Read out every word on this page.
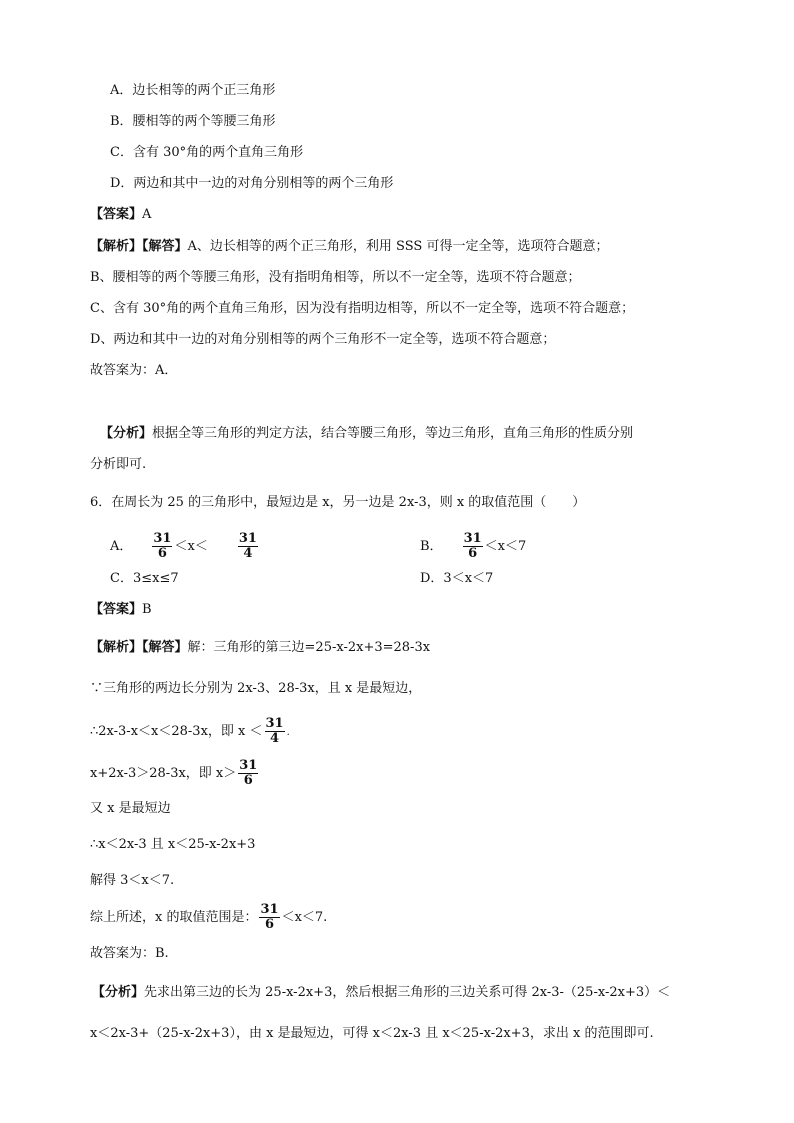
A．边长相等的两个正三角形
B．腰相等的两个等腰三角形
C．含有 30°角的两个直角三角形
D．两边和其中一边的对角分别相等的两个三角形
【答案】A
【解析】【解答】A、边长相等的两个正三角形，利用 SSS 可得一定全等，选项符合题意；
B、腰相等的两个等腰三角形，没有指明角相等，所以不一定全等，选项不符合题意；
C、含有 30°角的两个直角三角形，因为没有指明边相等，所以不一定全等，选项不符合题意；
D、两边和其中一边的对角分别相等的两个三角形不一定全等，选项不符合题意；
故答案为：A．
【分析】根据全等三角形的判定方法，结合等腰三角形，等边三角形，直角三角形的性质分别
分析即可.
6．在周长为 25 的三角形中，最短边是 x，另一边是 2x-3，则 x 的取值范围（　　）
A． $\frac{31}{6} <x< \frac{31}{4}$	B． $\frac{31}{6} <x<7$
C．3≤x≤7	D．3＜x＜7
【答案】B
【解析】【解答】解：三角形的第三边=25-x-2x+3=28-3x
∵三角形的两边长分别为 2x-3、28-3x，且 x 是最短边，
∴2x-3-x＜x＜28-3x，即 $x < \frac{31}{4}$ .
x+2x-3＞28-3x，即 $x> \frac{31}{6}$
又 x 是最短边
∴x＜2x-3 且 x＜25-x-2x+3
解得 3＜x＜7.
综上所述，x 的取值范围是： $\frac{31}{6} <x<7$.
故答案为：B.
【分析】先求出第三边的长为 25-x-2x+3，然后根据三角形的三边关系可得 2x-3-（25-x-2x+3）＜
x＜2x-3+（25-x-2x+3），由 x 是最短边，可得 x＜2x-3 且 x＜25-x-2x+3，求出 x 的范围即可.
